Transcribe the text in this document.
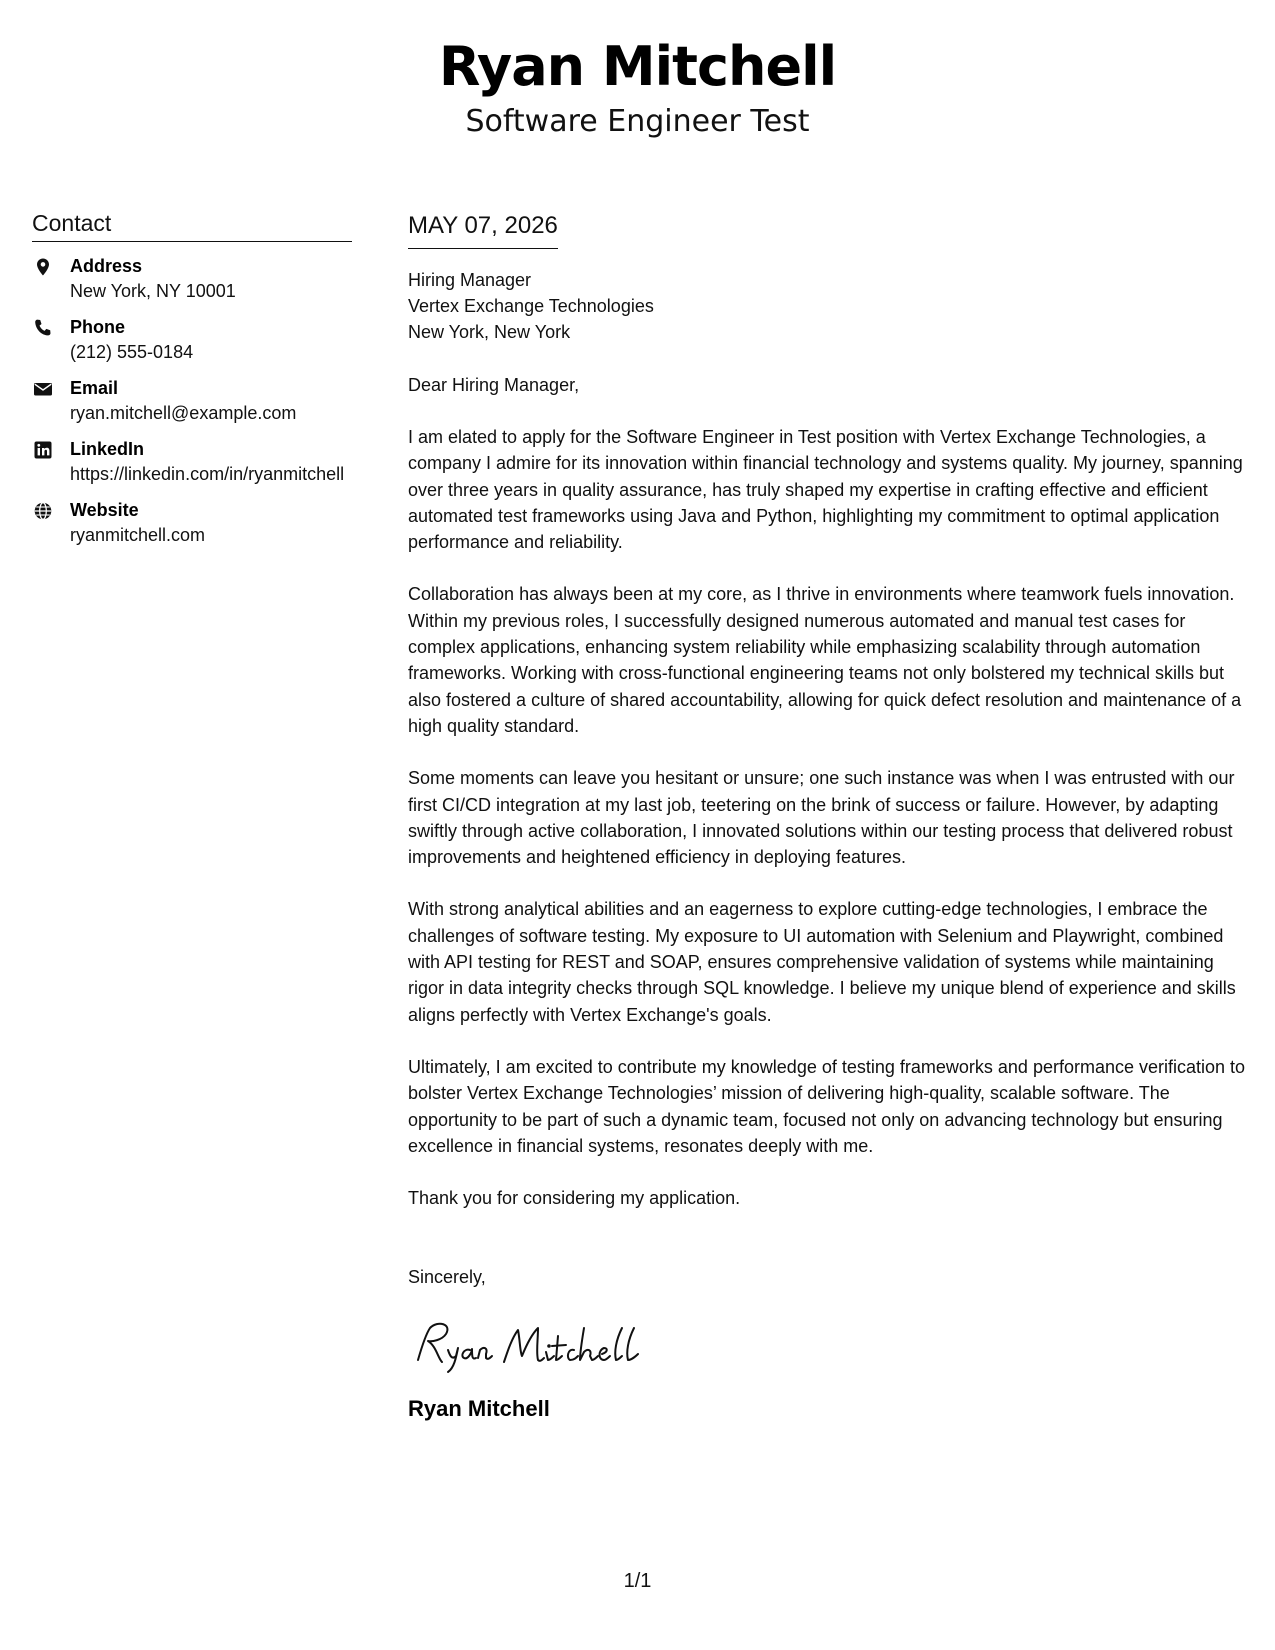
Ryan Mitchell
Software Engineer Test
Contact
Address
New York, NY 10001
Phone
(212) 555-0184
Email
ryan.mitchell@example.com
LinkedIn
https://linkedin.com/in/ryanmitchell
Website
ryanmitchell.com
MAY 07, 2026
Hiring Manager
Vertex Exchange Technologies
New York, New York
Dear Hiring Manager,
I am elated to apply for the Software Engineer in Test position with Vertex Exchange Technologies, a company I admire for its innovation within financial technology and systems quality. My journey, spanning over three years in quality assurance, has truly shaped my expertise in crafting effective and efficient automated test frameworks using Java and Python, highlighting my commitment to optimal application performance and reliability.
Collaboration has always been at my core, as I thrive in environments where teamwork fuels innovation. Within my previous roles, I successfully designed numerous automated and manual test cases for complex applications, enhancing system reliability while emphasizing scalability through automation frameworks. Working with cross-functional engineering teams not only bolstered my technical skills but also fostered a culture of shared accountability, allowing for quick defect resolution and maintenance of a high quality standard.
Some moments can leave you hesitant or unsure; one such instance was when I was entrusted with our first CI/CD integration at my last job, teetering on the brink of success or failure. However, by adapting swiftly through active collaboration, I innovated solutions within our testing process that delivered robust improvements and heightened efficiency in deploying features.
With strong analytical abilities and an eagerness to explore cutting-edge technologies, I embrace the challenges of software testing. My exposure to UI automation with Selenium and Playwright, combined with API testing for REST and SOAP, ensures comprehensive validation of systems while maintaining rigor in data integrity checks through SQL knowledge. I believe my unique blend of experience and skills aligns perfectly with Vertex Exchange's goals.
Ultimately, I am excited to contribute my knowledge of testing frameworks and performance verification to bolster Vertex Exchange Technologies’ mission of delivering high-quality, scalable software. The opportunity to be part of such a dynamic team, focused not only on advancing technology but ensuring excellence in financial systems, resonates deeply with me.
Thank you for considering my application.
Sincerely,
Ryan Mitchell
1/1
